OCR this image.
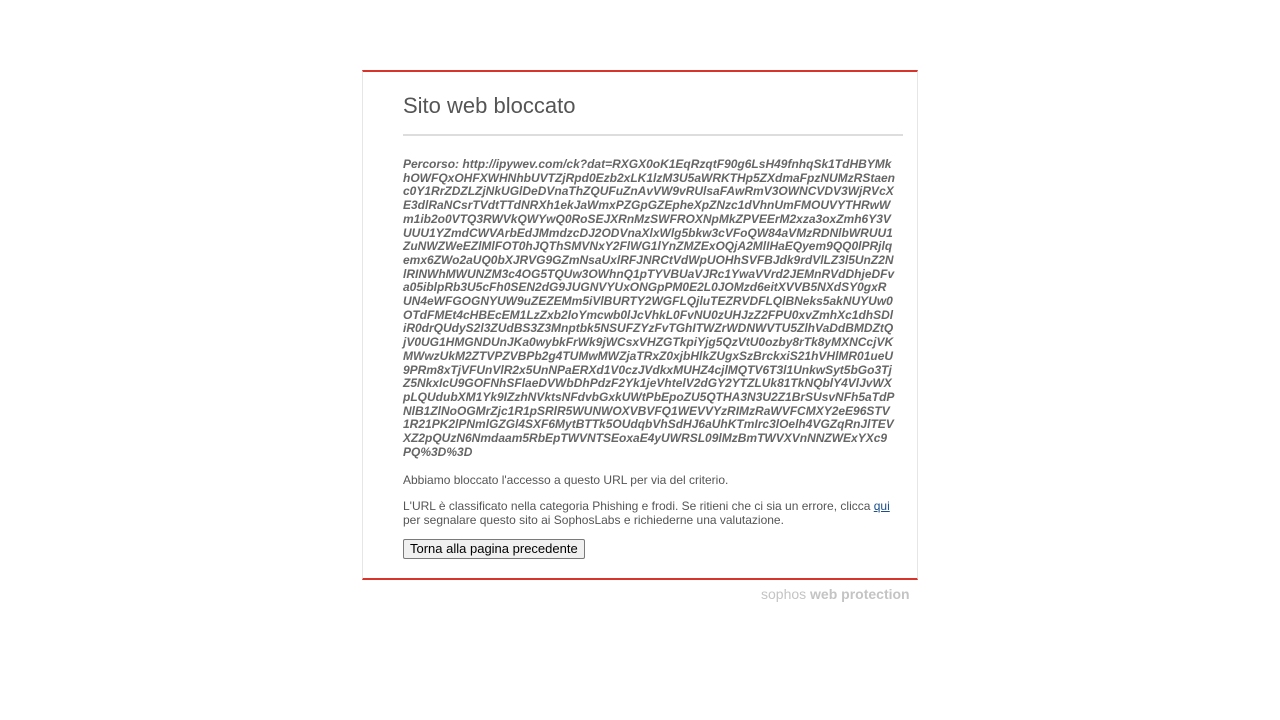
Sito web bloccato

Percorso: http://ipywev.com/ck?dat=RXGX0oK1EqRzqtF90g6LsH49fnhqSk1TdHBYMkhOWFQxOHFXWHNhbUVTZjRpd0Ezb2xLK1lzM3U5aWRKTHp5ZXdmaFpzNUMzRStaenc0Y1RrZDZLZjNkUGlDeDVnaThZQUFuZnAvVW9vRUlsaFAwRmV3OWNCVDV3WjRVcXE3dlRaNCsrTVdtTTdNRXh1ekJaWmxPZGpGZEpheXpZNzc1dVhnUmFMOUVYTHRwWm1ib2o0VTQ3RWVkQWYwQ0RoSEJXRnMzSWFROXNpMkZPVEErM2xza3oxZmh6Y3VUUU1YZmdCWVArbEdJMmdzcDJ2ODVnaXlxWlg5bkw3cVFoQW84aVMzRDNlbWRUU1ZuNWZWeEZlMlFOT0hJQThSMVNxY2FlWG1lYnZMZExOQjA2MlIHaEQyem9QQ0lPRjlqemx6ZWo2aUQ0bXJRVG9GZmNsaUxlRFJNRCtVdWpUOHhSVFBJdk9rdVlLZ3l5UnZ2NlRINWhMWUNZM3c4OG5TQUw3OWhnQ1pTYVBUaVJRc1YwaVVrd2JEMnRVdDhjeDFva05iblpRb3U5cFh0SEN2dG9JUGNVYUxONGpPM0E2L0JOMzd6eitXVVB5NXdSY0gxRUN4eWFGOGNYUW9uZEZEMm5iVlBURTY2WGFLQjluTEZRVDFLQlBNeks5akNUYUw0OTdFMEt4cHBEcEM1LzZxb2loYmcwb0lJcVhkL0FvNU0zUHJzZ2FPU0xvZmhXc1dhSDliR0drQUdyS2l3ZUdBS3Z3Mnptbk5NSUFZYzFvTGhITWZrWDNWVTU5ZlhVaDdBMDZtQjV0UG1HMGNDUnJKa0wybkFrWk9jWCsxVHZGTkpiYjg5QzVtU0ozby8rTk8yMXNCcjVKMWwzUkM2ZTVPZVBPb2g4TUMwMWZjaTRxZ0xjbHlkZUgxSzBrckxiS21hVHlMR01ueU9PRm8xTjVFUnVlR2x5UnNPaERXd1V0czJVdkxMUHZ4cjlMQTV6T3l1UnkwSyt5bGo3TjZ5NkxIcU9GOFNhSFlaeDVWbDhPdzF2Yk1jeVhtelV2dGY2YTZLUk81TkNQblY4VlJvWXpLQUdubXM1Yk9IZzhNVktsNFdvbGxkUWtPbEpoZU5QTHA3N3U2Z1BrSUsvNFh5aTdPNlB1ZlNoOGMrZjc1R1pSRlR5WUNWOXVBVFQ1WEVVYzRIMzRaWVFCMXY2eE96STV1R21PK2lPNmlGZGl4SXF6MytBTTk5OUdqbVhSdHJ6aUhKTmIrc3lOelh4VGZqRnJlTEVXZ2pQUzN6Nmdaam5RbEpTWVNTSEoxaE4yUWRSL09lMzBmTWVXVnNNZWExYXc9PQ%3D%3D

Abbiamo bloccato l'accesso a questo URL per via del criterio.

L'URL è classificato nella categoria Phishing e frodi. Se ritieni che ci sia un errore, clicca qui per segnalare questo sito ai SophosLabs e richiederne una valutazione.

Torna alla pagina precedente
sophos web protection
